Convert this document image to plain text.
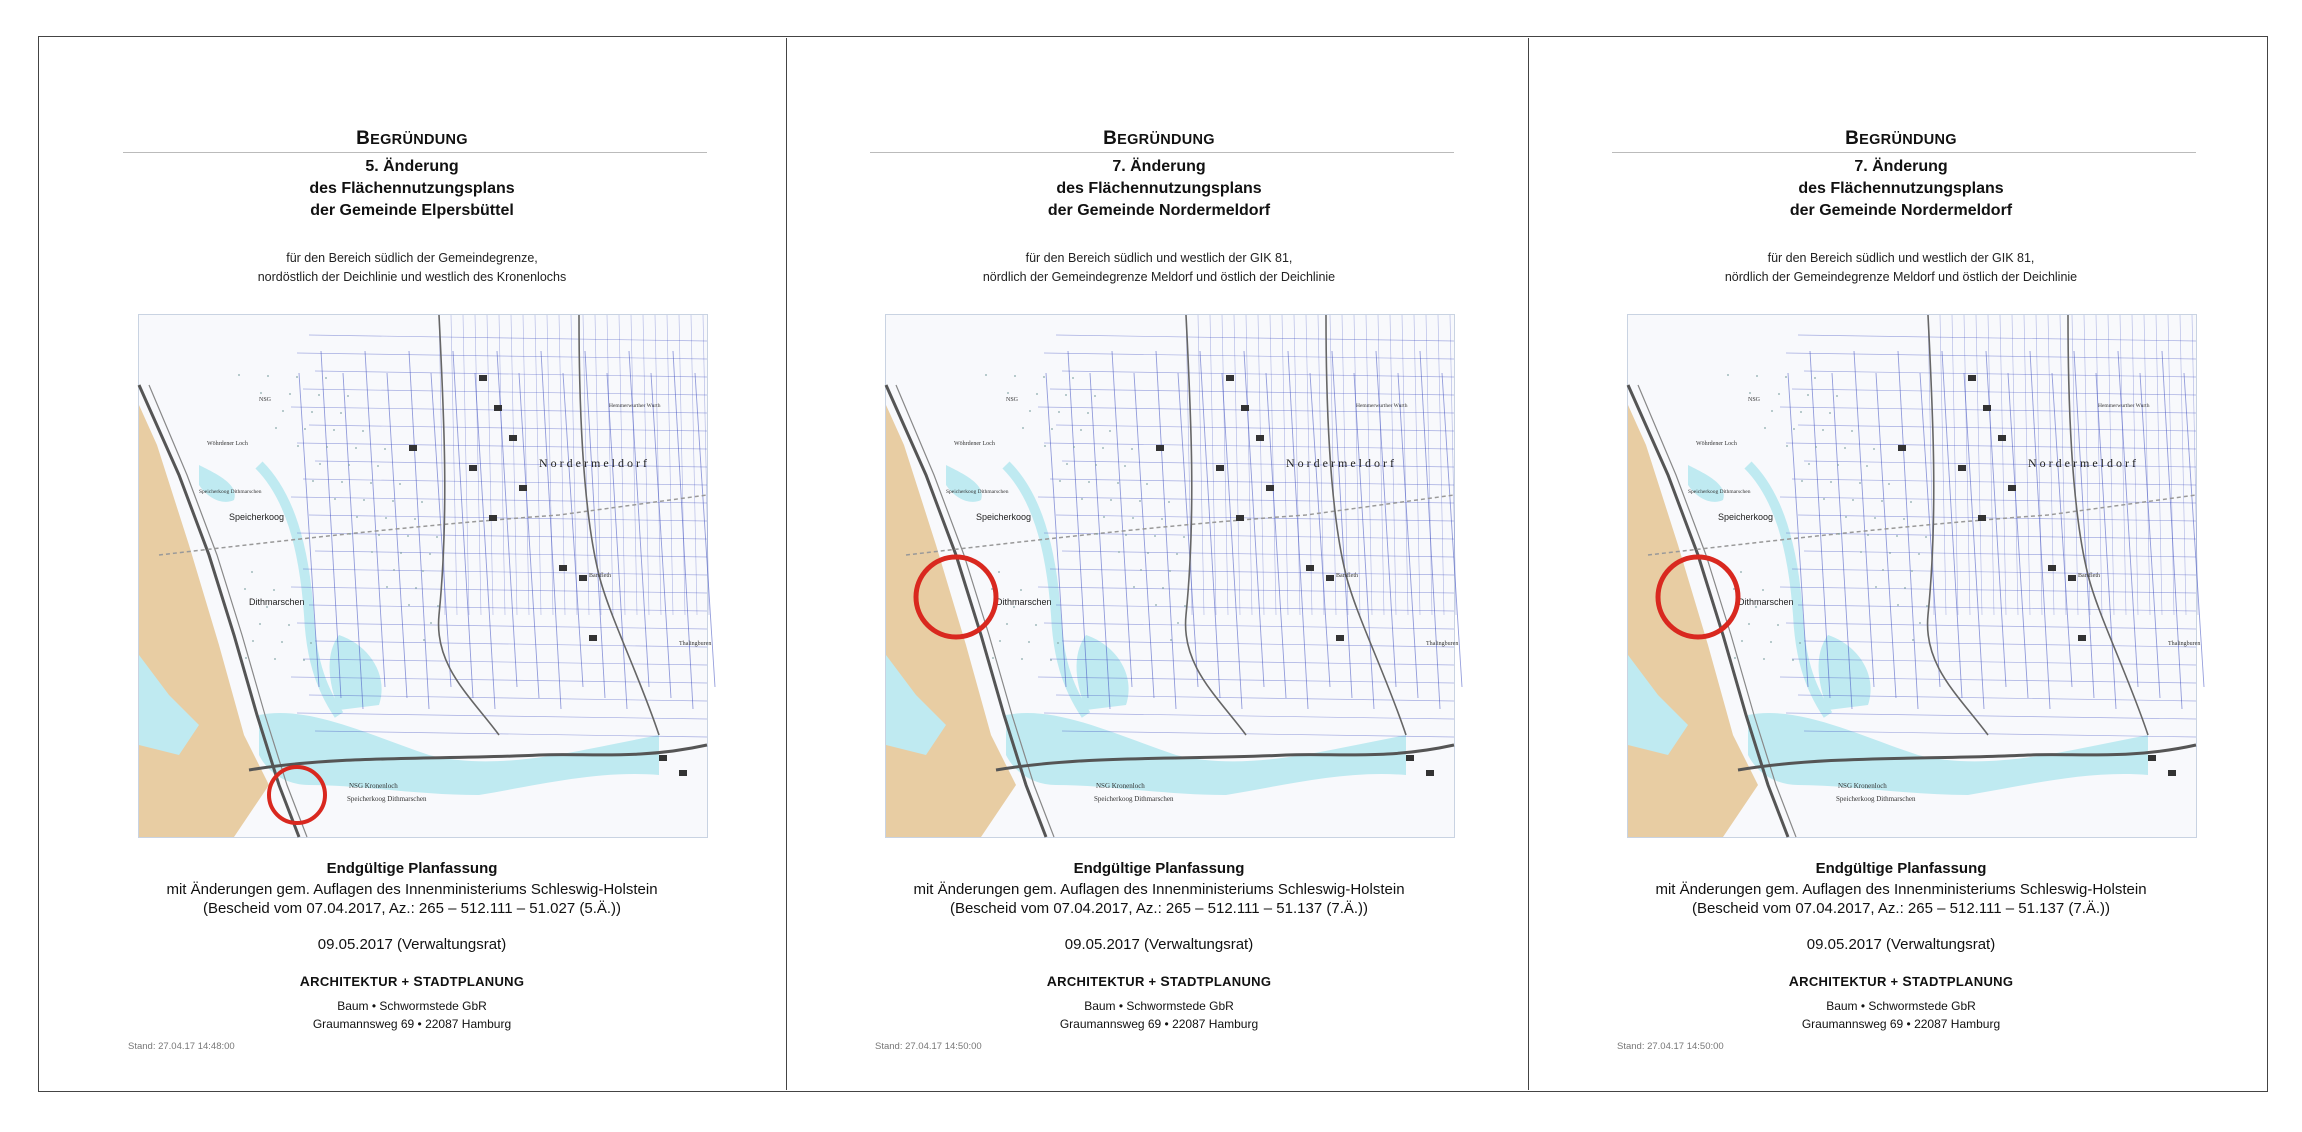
BEGRÜNDUNG
5. Änderung
des Flächennutzungsplans
der Gemeinde Elpersbüttel
für den Bereich südlich der Gemeindegrenze,
nordöstlich der Deichlinie und westlich des Kronenlochs
Nordermeldorf
Speicherkoog
Dithmarschen
NSG Kronenloch
Speicherkoog Dithmarschen
Wöhrdener Loch
Speicherkoog Dithmarschen
Barsfleth
Thalingburen
Hemmerwurther Wurth
NSG
Endgültige Planfassung
mit Änderungen gem. Auflagen des Innenministeriums Schleswig-Holstein
(Bescheid vom 07.04.2017, Az.: 265 – 512.111 – 51.027 (5.Ä.))
09.05.2017 (Verwaltungsrat)
ARCHITEKTUR + STADTPLANUNG
Baum • Schwormstede GbR
Graumannsweg 69 • 22087 Hamburg
Stand: 27.04.17 14:48:00
BEGRÜNDUNG
7. Änderung
des Flächennutzungsplans
der Gemeinde Nordermeldorf
für den Bereich südlich und westlich der GIK 81,
nördlich der Gemeindegrenze Meldorf und östlich der Deichlinie
Nordermeldorf
Speicherkoog
Dithmarschen
NSG Kronenloch
Speicherkoog Dithmarschen
Wöhrdener Loch
Speicherkoog Dithmarschen
Barsfleth
Thalingburen
Hemmerwurther Wurth
NSG
Endgültige Planfassung
mit Änderungen gem. Auflagen des Innenministeriums Schleswig-Holstein
(Bescheid vom 07.04.2017, Az.: 265 – 512.111 – 51.137 (7.Ä.))
09.05.2017 (Verwaltungsrat)
ARCHITEKTUR + STADTPLANUNG
Baum • Schwormstede GbR
Graumannsweg 69 • 22087 Hamburg
Stand: 27.04.17 14:50:00
BEGRÜNDUNG
7. Änderung
des Flächennutzungsplans
der Gemeinde Nordermeldorf
für den Bereich südlich und westlich der GIK 81,
nördlich der Gemeindegrenze Meldorf und östlich der Deichlinie
Nordermeldorf
Speicherkoog
Dithmarschen
NSG Kronenloch
Speicherkoog Dithmarschen
Wöhrdener Loch
Speicherkoog Dithmarschen
Barsfleth
Thalingburen
Hemmerwurther Wurth
NSG
Endgültige Planfassung
mit Änderungen gem. Auflagen des Innenministeriums Schleswig-Holstein
(Bescheid vom 07.04.2017, Az.: 265 – 512.111 – 51.137 (7.Ä.))
09.05.2017 (Verwaltungsrat)
ARCHITEKTUR + STADTPLANUNG
Baum • Schwormstede GbR
Graumannsweg 69 • 22087 Hamburg
Stand: 27.04.17 14:50:00
